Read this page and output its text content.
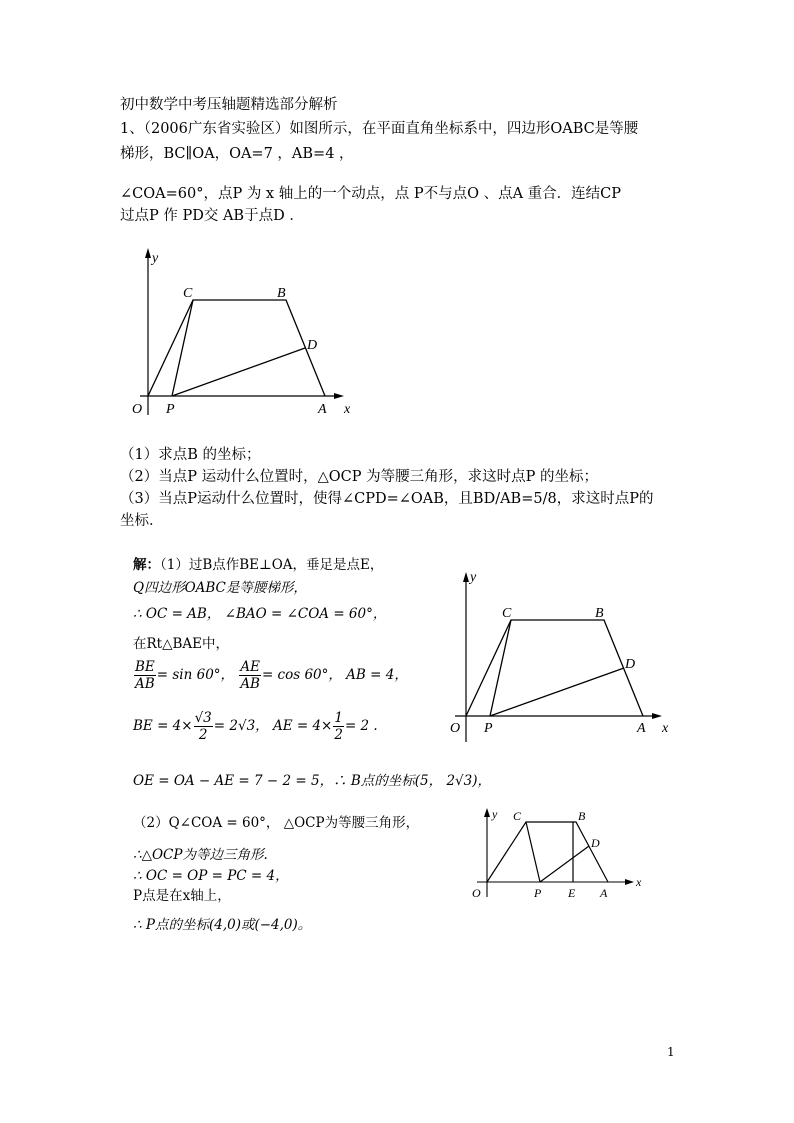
初中数学中考压轴题精选部分解析
1、（2006广东省实验区）如图所示，在平面直角坐标系中，四边形OABC是等腰
梯形，BC∥OA，OA=7 ，AB=4 ，
∠COA=60°，点P 为 x 轴上的一个动点，点 P不与点O 、点A 重合．连结CP
过点P 作 PD交 AB于点D ．
y
C	B
D
O P	A x
（1）求点B 的坐标；
（2）当点P 运动什么位置时，△OCP 为等腰三角形，求这时点P 的坐标；
（3）当点P运动什么位置时，使得∠CPD=∠OAB，且BD/AB=5/8，求这时点P的
坐标．
解：（1）过B点作BE⊥OA，垂足是点E，
Q四边形OABC是等腰梯形，
∴ OC = AB， ∠BAO = ∠COA = 60°，
在Rt△BAE中，
$\frac{BE}{AB} = \sin 60^\circ$， $\frac{AE}{AB} = \cos 60^\circ$， AB = 4，
BE = $4\times \frac{√3}{2} = 2√3$， AE = $4\times \frac{1}{2} = 2$ .
OE = OA − AE = 7 − 2 = 5，∴ B点的坐标(5， 2√3)，
y
C	B
D
O P	A x
（2）Q∠COA = 60°， △OCP为等腰三角形，
∴△OCP为等边三角形.
∴ OC = OP = PC = 4，
P点是在x轴上，
∴ P点的坐标(4,0)或(−4,0)。
y C	B
D
O	P E A
x
1
